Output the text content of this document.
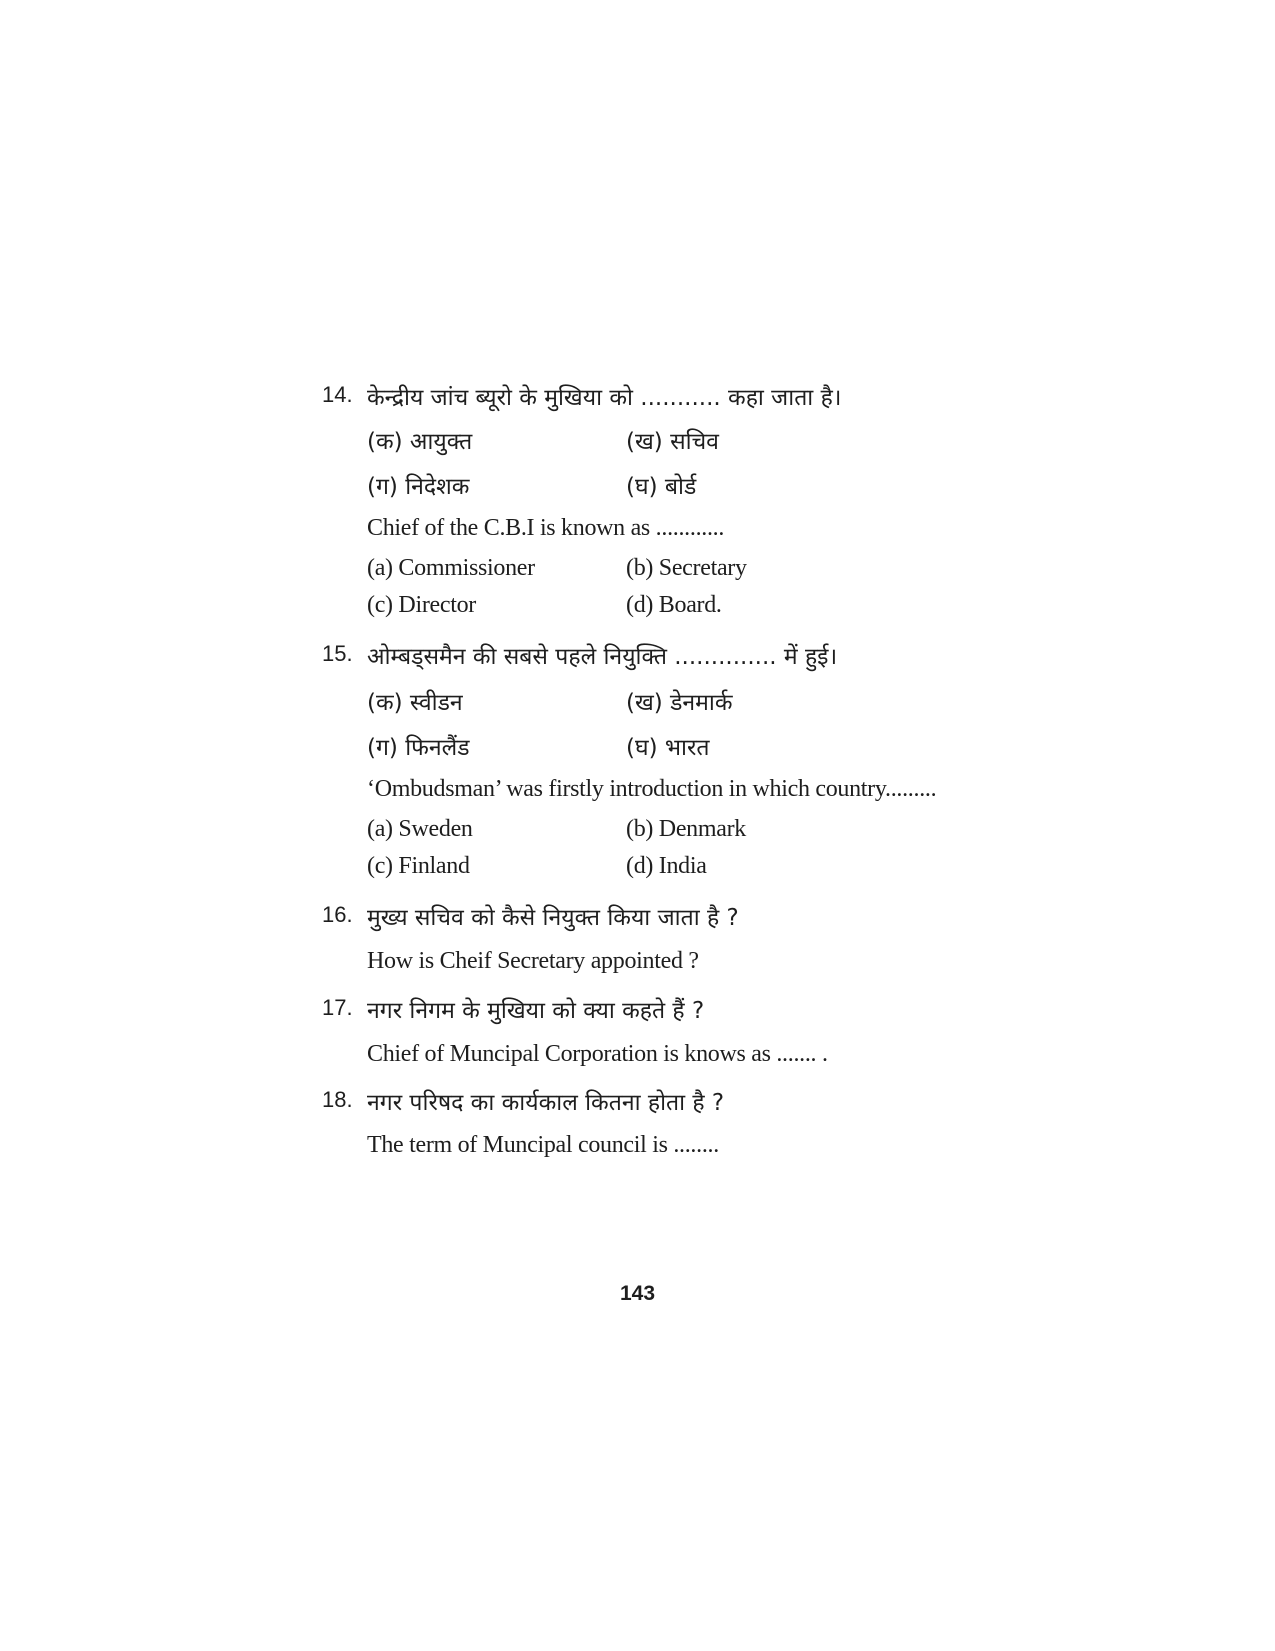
14. केन्द्रीय जांच ब्यूरो के मुखिया को ........... कहा जाता है।
(क) आयुक्त	(ख) सचिव
(ग) निदेशक	(घ) बोर्ड
Chief of the C.B.I is known as ............
(a) Commissioner	(b) Secretary
(c) Director	(d) Board.
15. ओम्बड्समैन की सबसे पहले नियुक्ति .............. में हुई।
(क) स्वीडन	(ख) डेनमार्क
(ग) फिनलैंड	(घ) भारत
‘Ombudsman’ was firstly introduction in which country.........
(a) Sweden	(b) Denmark
(c) Finland	(d) India
16. मुख्य सचिव को कैसे नियुक्त किया जाता है ?
How is Cheif Secretary appointed ?
17. नगर निगम के मुखिया को क्या कहते हैं ?
Chief of Muncipal Corporation is knows as ....... .
18. नगर परिषद का कार्यकाल कितना होता है ?
The term of Muncipal council is ........
143
